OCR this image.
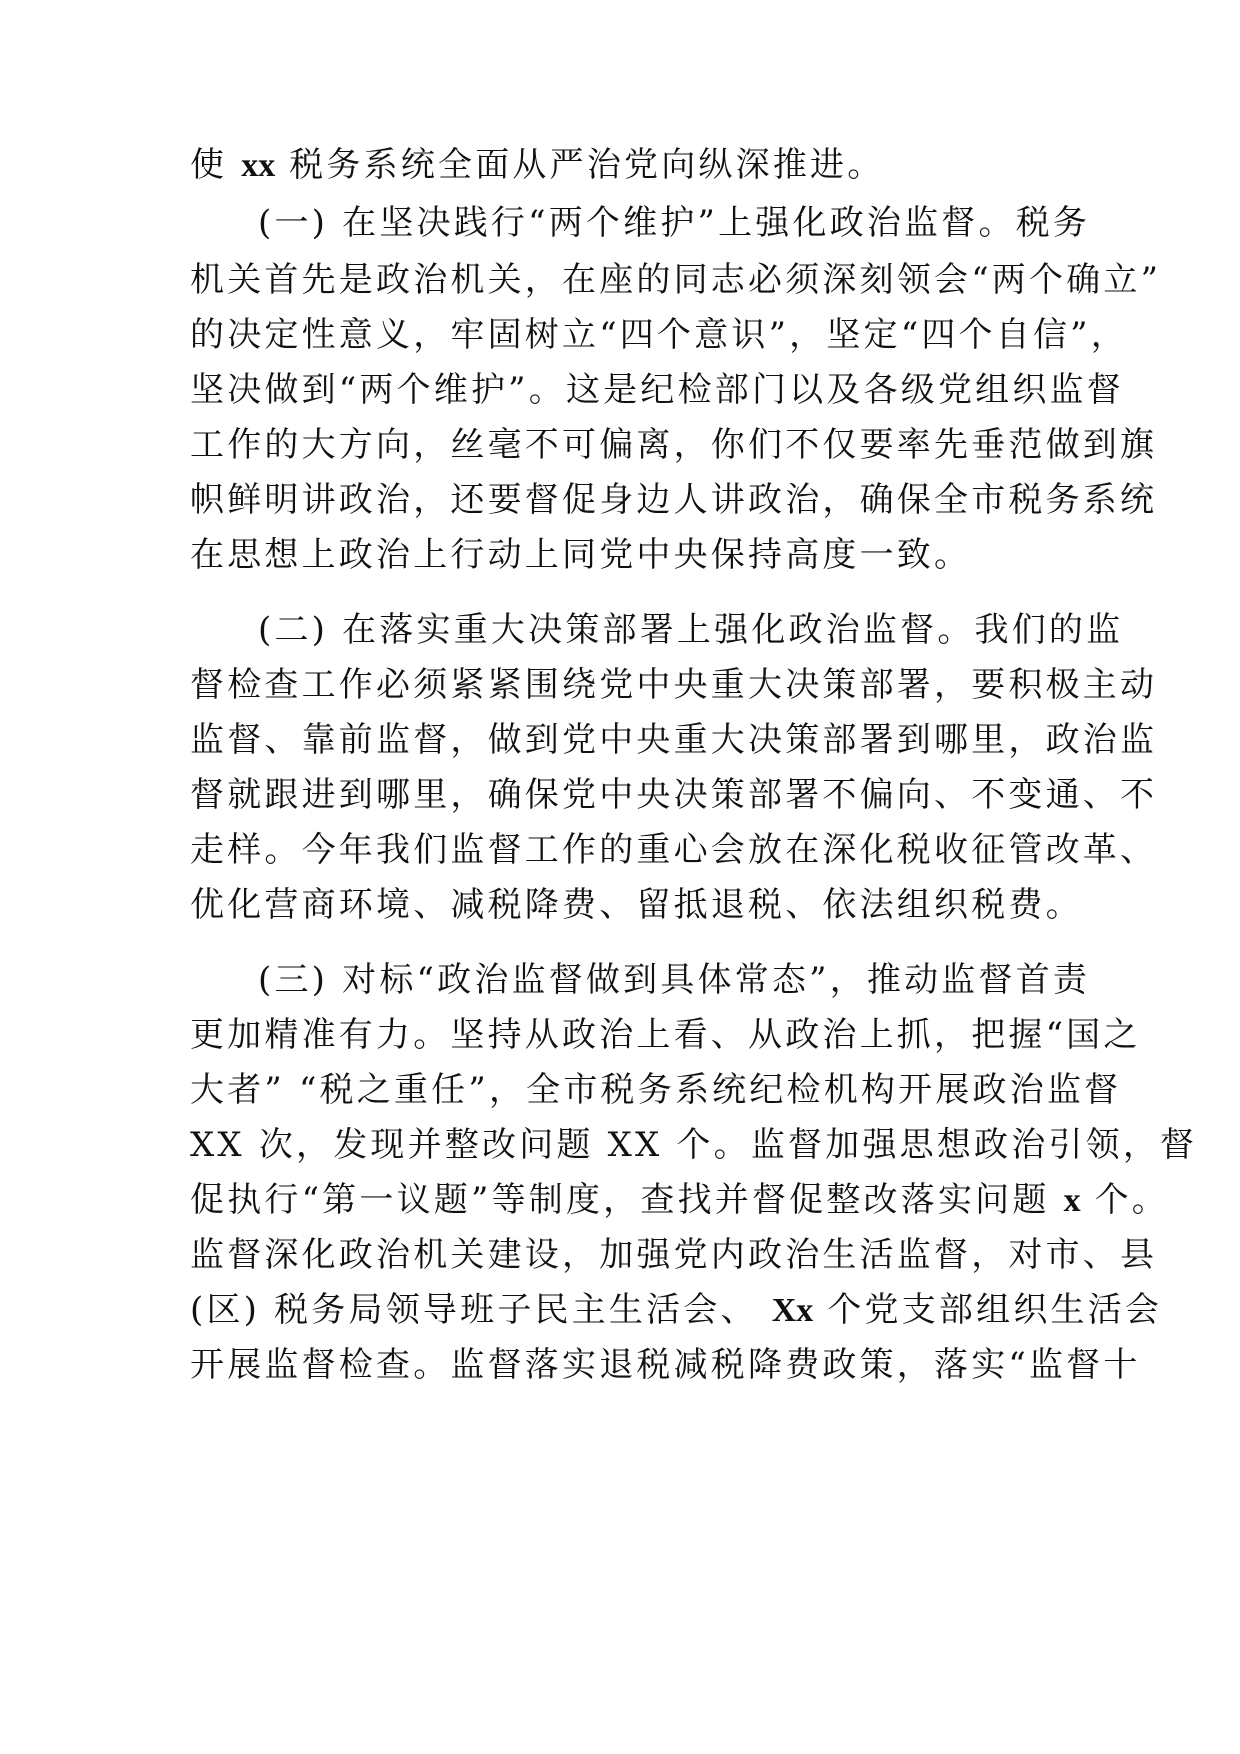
使 xx 税务系统全面从严治党向纵深推进。
(一) 在坚决践行“两个维护”上强化政治监督。税务
机关首先是政治机关，在座的同志必须深刻领会“两个确立”
的决定性意义，牢固树立“四个意识”，坚定“四个自信”，
坚决做到“两个维护”。这是纪检部门以及各级党组织监督
工作的大方向，丝毫不可偏离，你们不仅要率先垂范做到旗
帜鲜明讲政治，还要督促身边人讲政治，确保全市税务系统
在思想上政治上行动上同党中央保持高度一致。
(二) 在落实重大决策部署上强化政治监督。我们的监
督检查工作必须紧紧围绕党中央重大决策部署，要积极主动
监督、靠前监督，做到党中央重大决策部署到哪里，政治监
督就跟进到哪里，确保党中央决策部署不偏向、不变通、不
走样。今年我们监督工作的重心会放在深化税收征管改革、
优化营商环境、减税降费、留抵退税、依法组织税费。
(三) 对标“政治监督做到具体常态”，推动监督首责
更加精准有力。坚持从政治上看、从政治上抓，把握“国之
大者” “税之重任”，全市税务系统纪检机构开展政治监督
XX 次，发现并整改问题 XX 个。监督加强思想政治引领，督
促执行“第一议题”等制度，查找并督促整改落实问题 x 个。
监督深化政治机关建设，加强党内政治生活监督，对市、县
(区) 税务局领导班子民主生活会、 Xx 个党支部组织生活会
开展监督检查。监督落实退税减税降费政策，落实“监督十
